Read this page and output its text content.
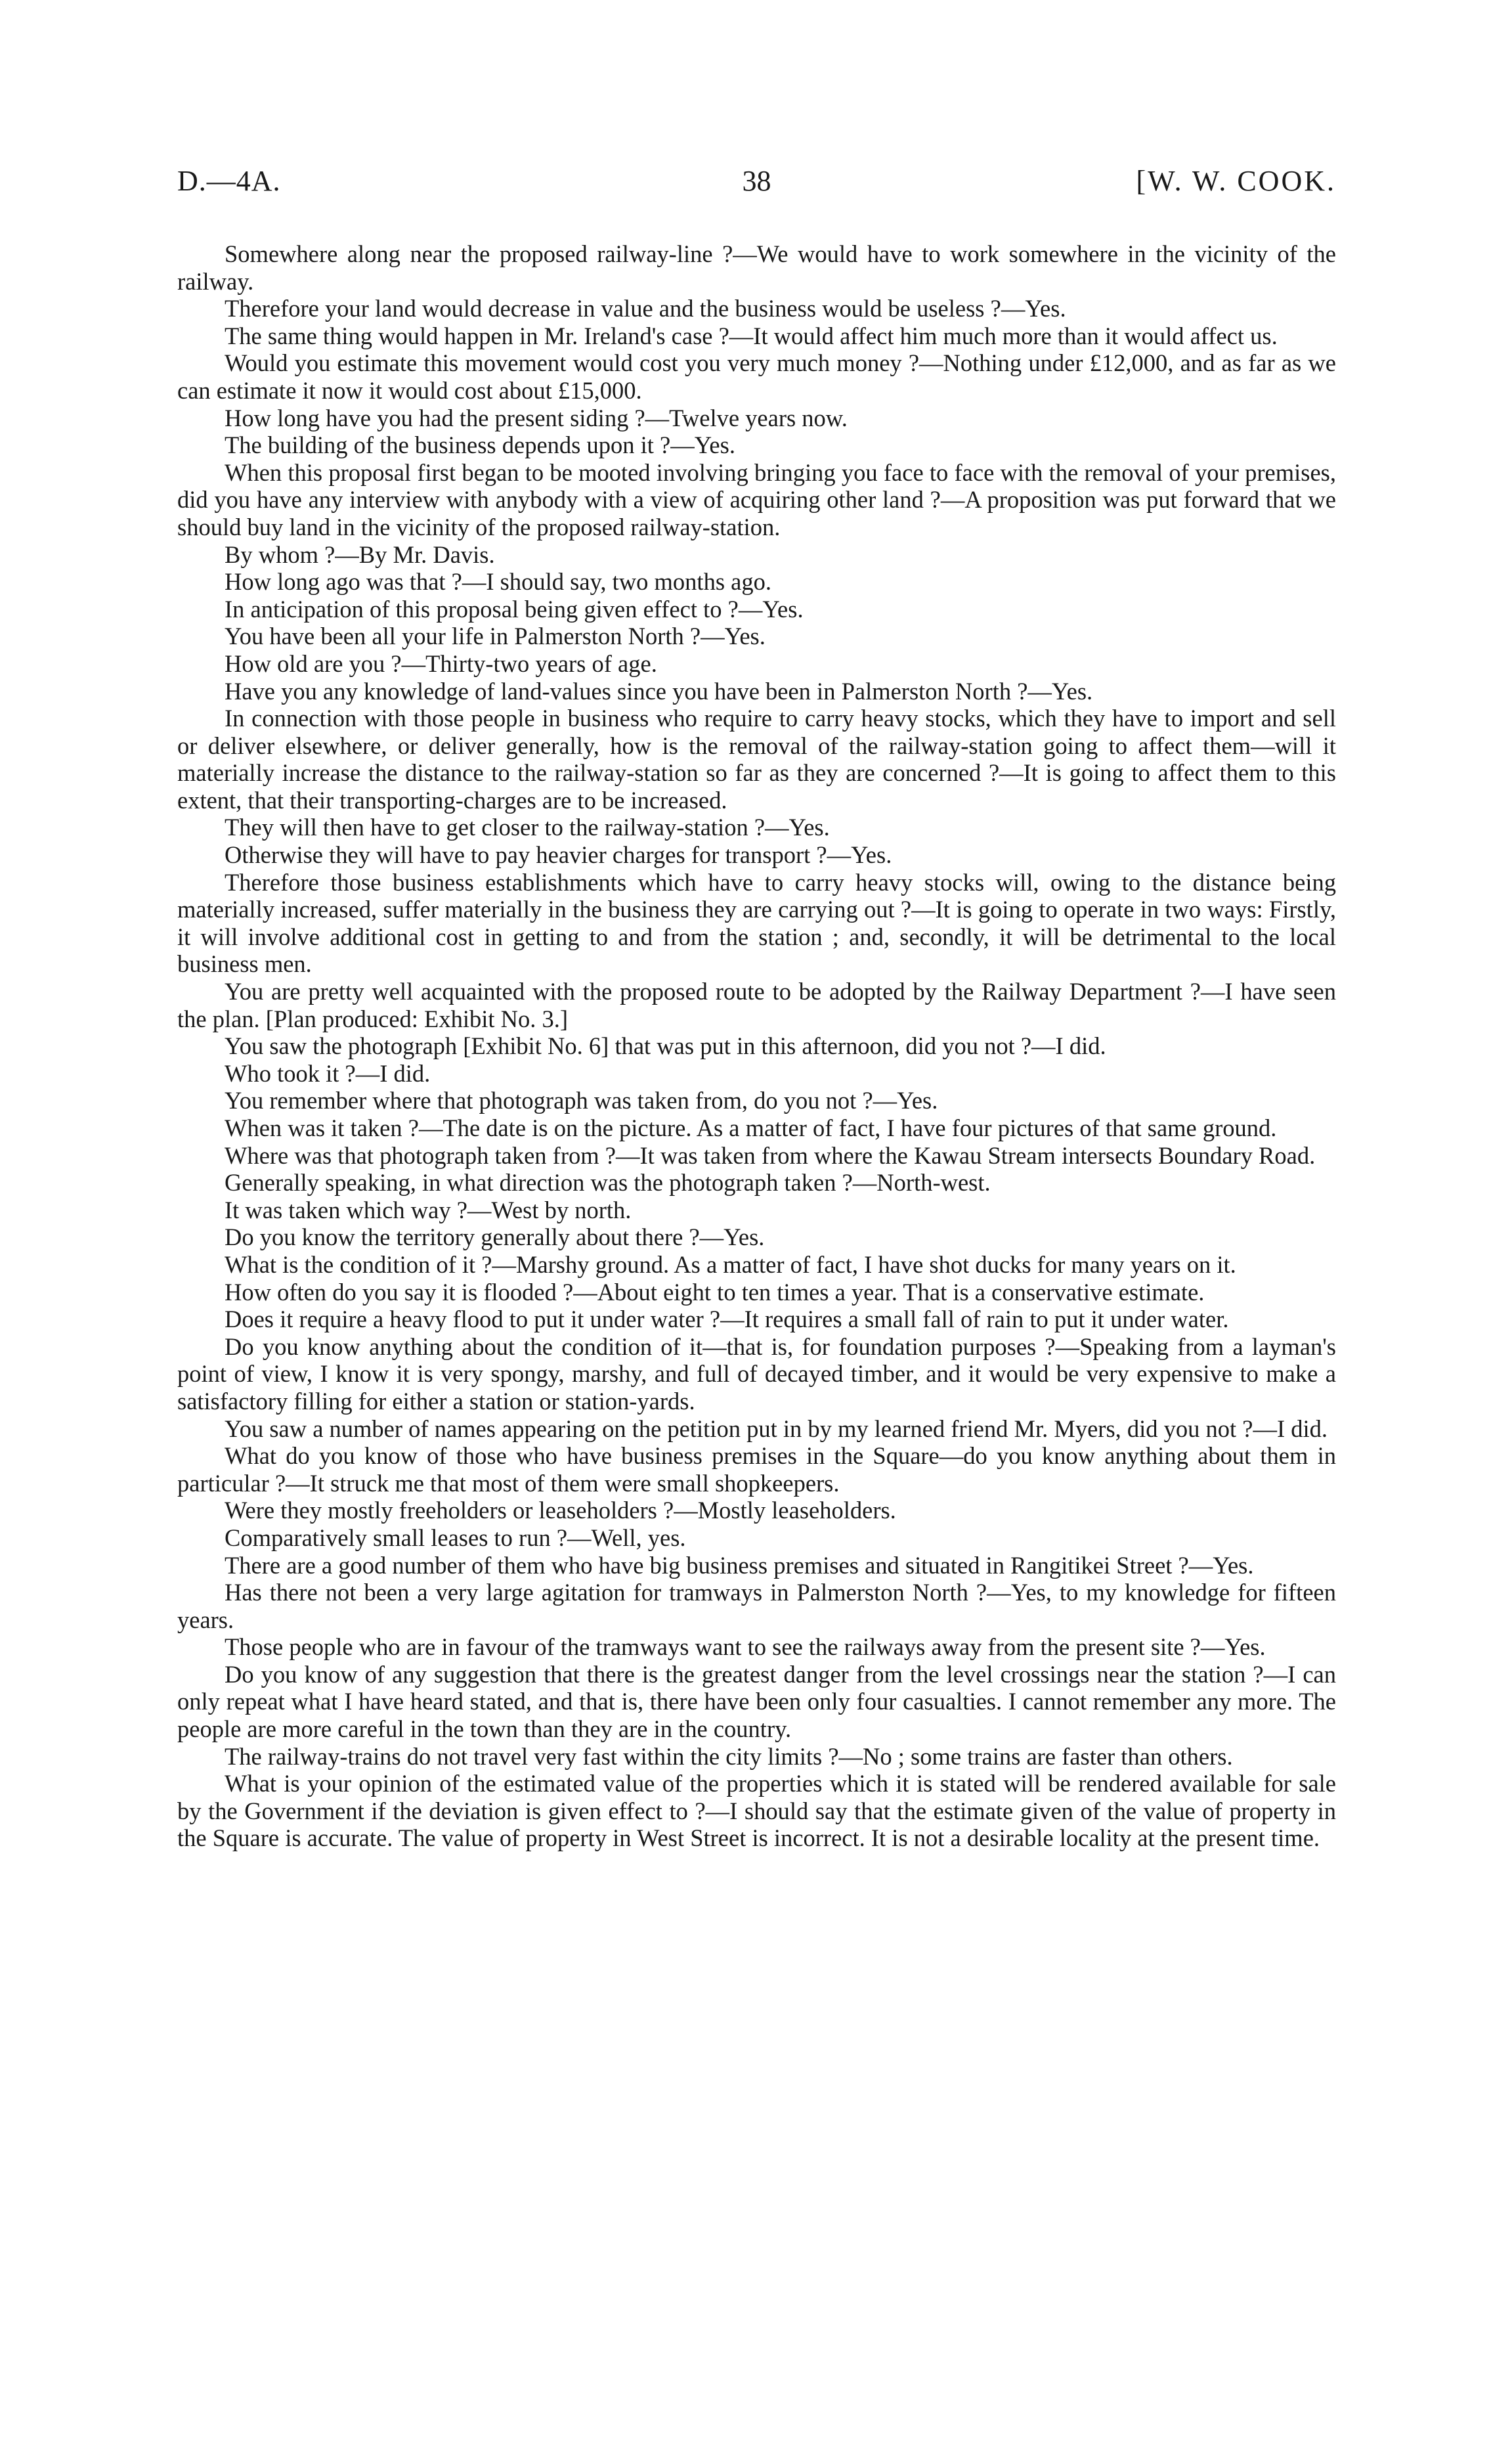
D.—4A.	38	[W. W. COOK.

Somewhere along near the proposed railway-line ?—We would have to work somewhere in the vicinity of the railway.

Therefore your land would decrease in value and the business would be useless ?—Yes.

The same thing would happen in Mr. Ireland's case ?—It would affect him much more than it would affect us.

Would you estimate this movement would cost you very much money ?—Nothing under £12,000, and as far as we can estimate it now it would cost about £15,000.

How long have you had the present siding ?—Twelve years now.

The building of the business depends upon it ?—Yes.

When this proposal first began to be mooted involving bringing you face to face with the removal of your premises, did you have any interview with anybody with a view of acquiring other land ?—A proposition was put forward that we should buy land in the vicinity of the proposed railway-station.

By whom ?—By Mr. Davis.

How long ago was that ?—I should say, two months ago.

In anticipation of this proposal being given effect to ?—Yes.

You have been all your life in Palmerston North ?—Yes.

How old are you ?—Thirty-two years of age.

Have you any knowledge of land-values since you have been in Palmerston North ?—Yes.

In connection with those people in business who require to carry heavy stocks, which they have to import and sell or deliver elsewhere, or deliver generally, how is the removal of the railway-station going to affect them—will it materially increase the distance to the railway-station so far as they are concerned ?—It is going to affect them to this extent, that their transporting-charges are to be increased.

They will then have to get closer to the railway-station ?—Yes.

Otherwise they will have to pay heavier charges for transport ?—Yes.

Therefore those business establishments which have to carry heavy stocks will, owing to the distance being materially increased, suffer materially in the business they are carrying out ?—It is going to operate in two ways: Firstly, it will involve additional cost in getting to and from the station ; and, secondly, it will be detrimental to the local business men.

You are pretty well acquainted with the proposed route to be adopted by the Railway Department ?—I have seen the plan. [Plan produced: Exhibit No. 3.]

You saw the photograph [Exhibit No. 6] that was put in this afternoon, did you not ?—I did.

Who took it ?—I did.

You remember where that photograph was taken from, do you not ?—Yes.

When was it taken ?—The date is on the picture. As a matter of fact, I have four pictures of that same ground.

Where was that photograph taken from ?—It was taken from where the Kawau Stream intersects Boundary Road.

Generally speaking, in what direction was the photograph taken ?—North-west.

It was taken which way ?—West by north.

Do you know the territory generally about there ?—Yes.

What is the condition of it ?—Marshy ground. As a matter of fact, I have shot ducks for many years on it.

How often do you say it is flooded ?—About eight to ten times a year. That is a conservative estimate.

Does it require a heavy flood to put it under water ?—It requires a small fall of rain to put it under water.

Do you know anything about the condition of it—that is, for foundation purposes ?—Speaking from a layman's point of view, I know it is very spongy, marshy, and full of decayed timber, and it would be very expensive to make a satisfactory filling for either a station or station-yards.

You saw a number of names appearing on the petition put in by my learned friend Mr. Myers, did you not ?—I did.

What do you know of those who have business premises in the Square—do you know anything about them in particular ?—It struck me that most of them were small shopkeepers.

Were they mostly freeholders or leaseholders ?—Mostly leaseholders.

Comparatively small leases to run ?—Well, yes.

There are a good number of them who have big business premises and situated in Rangitikei Street ?—Yes.

Has there not been a very large agitation for tramways in Palmerston North ?—Yes, to my knowledge for fifteen years.

Those people who are in favour of the tramways want to see the railways away from the present site ?—Yes.

Do you know of any suggestion that there is the greatest danger from the level crossings near the station ?—I can only repeat what I have heard stated, and that is, there have been only four casualties. I cannot remember any more. The people are more careful in the town than they are in the country.

The railway-trains do not travel very fast within the city limits ?—No ; some trains are faster than others.

What is your opinion of the estimated value of the properties which it is stated will be rendered available for sale by the Government if the deviation is given effect to ?—I should say that the estimate given of the value of property in the Square is accurate. The value of property in West Street is incorrect. It is not a desirable locality at the present time.
